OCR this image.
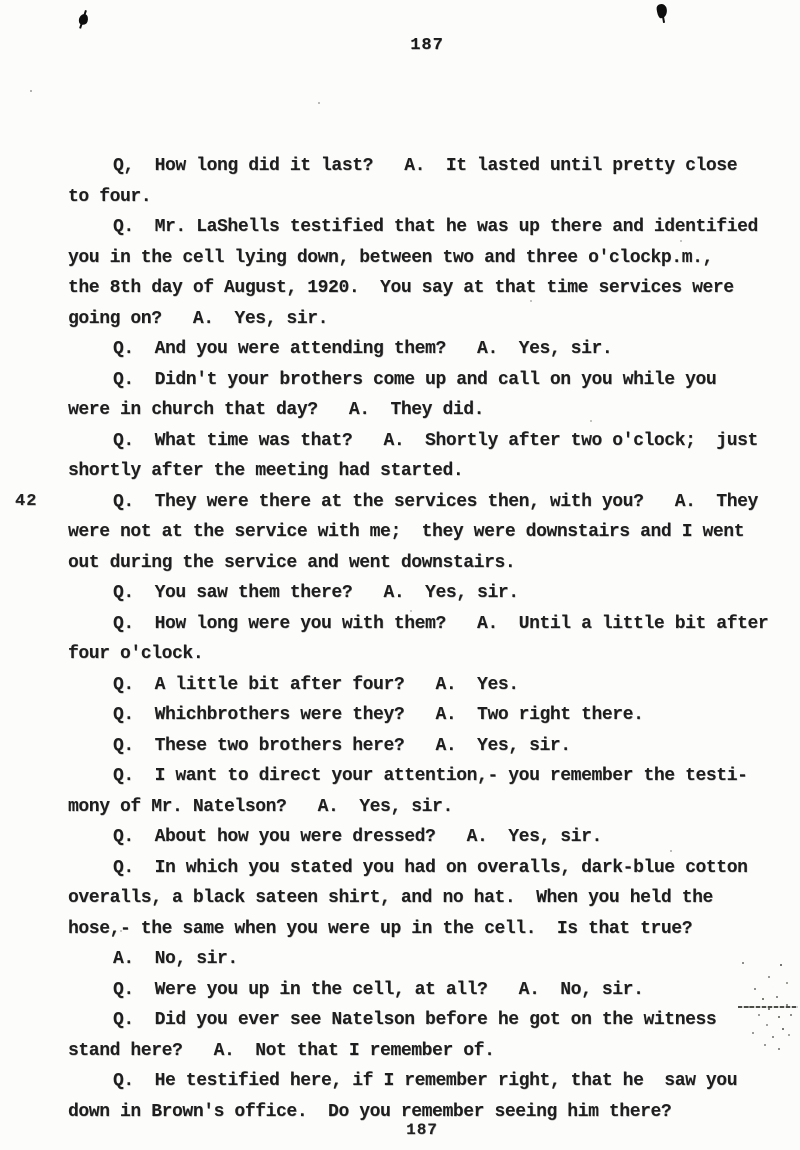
187
42
Q,  How long did it last?   A.  It lasted until pretty close
to four.
Q.  Mr. LaShells testified that he was up there and identified
you in the cell lying down, between two and three o'clockp.m.,
the 8th day of August, 1920.  You say at that time services were
going on?   A.  Yes, sir.
Q.  And you were attending them?   A.  Yes, sir.
Q.  Didn't your brothers come up and call on you while you
were in church that day?   A.  They did.
Q.  What time was that?   A.  Shortly after two o'clock;  just
shortly after the meeting had started.
Q.  They were there at the services then, with you?   A.  They
were not at the service with me;  they were downstairs and I went
out during the service and went downstairs.
Q.  You saw them there?   A.  Yes, sir.
Q.  How long were you with them?   A.  Until a little bit after
four o'clock.
Q.  A little bit after four?   A.  Yes.
Q.  Whichbrothers were they?   A.  Two right there.
Q.  These two brothers here?   A.  Yes, sir.
Q.  I want to direct your attention,- you remember the testi-
mony of Mr. Natelson?   A.  Yes, sir.
Q.  About how you were dressed?   A.  Yes, sir.
Q.  In which you stated you had on overalls, dark-blue cotton
overalls, a black sateen shirt, and no hat.  When you held the
hose,- the same when you were up in the cell.  Is that true?
A.  No, sir.
Q.  Were you up in the cell, at all?   A.  No, sir.
Q.  Did you ever see Natelson before he got on the witness
stand here?   A.  Not that I remember of.
Q.  He testified here, if I remember right, that he  saw you
down in Brown's office.  Do you remember seeing him there?
187
